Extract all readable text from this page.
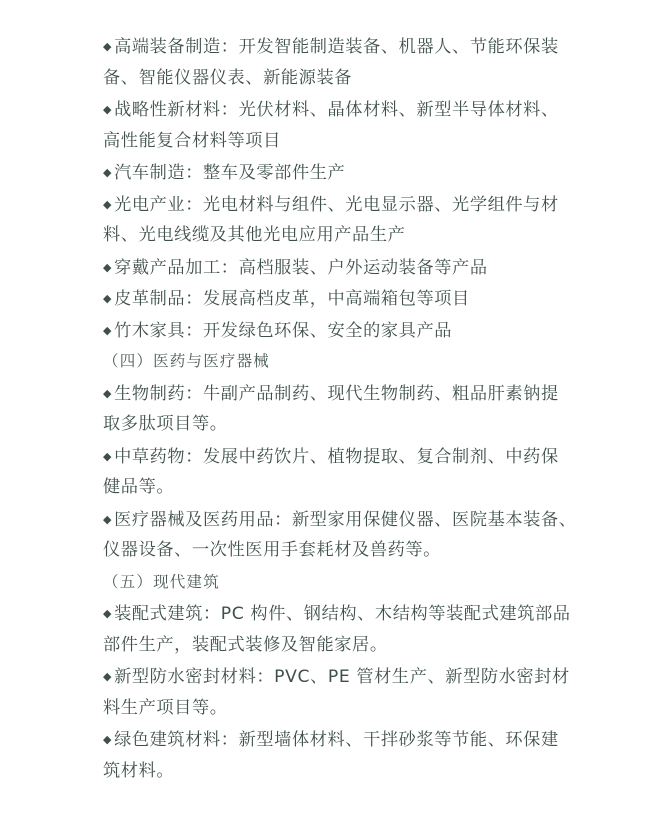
◆ 高端装备制造：开发智能制造装备、机器人、节能环保装
备、智能仪器仪表、新能源装备
◆ 战略性新材料：光伏材料、晶体材料、新型半导体材料、
高性能复合材料等项目
◆ 汽车制造：整车及零部件生产
◆ 光电产业：光电材料与组件、光电显示器、光学组件与材
料、光电线缆及其他光电应用产品生产
◆ 穿戴产品加工：高档服装、户外运动装备等产品
◆ 皮革制品：发展高档皮革，中高端箱包等项目
◆ 竹木家具：开发绿色环保、安全的家具产品
（四）医药与医疗器械
◆ 生物制药：牛副产品制药、现代生物制药、粗品肝素钠提
取多肽项目等。
◆ 中草药物：发展中药饮片、植物提取、复合制剂、中药保
健品等。
◆ 医疗器械及医药用品：新型家用保健仪器、医院基本装备、
仪器设备、一次性医用手套耗材及兽药等。
（五）现代建筑
◆ 装配式建筑：PC 构件、钢结构、木结构等装配式建筑部品
部件生产，装配式装修及智能家居。
◆ 新型防水密封材料：PVC、PE 管材生产、新型防水密封材
料生产项目等。
◆ 绿色建筑材料：新型墙体材料、干拌砂浆等节能、环保建
筑材料。
